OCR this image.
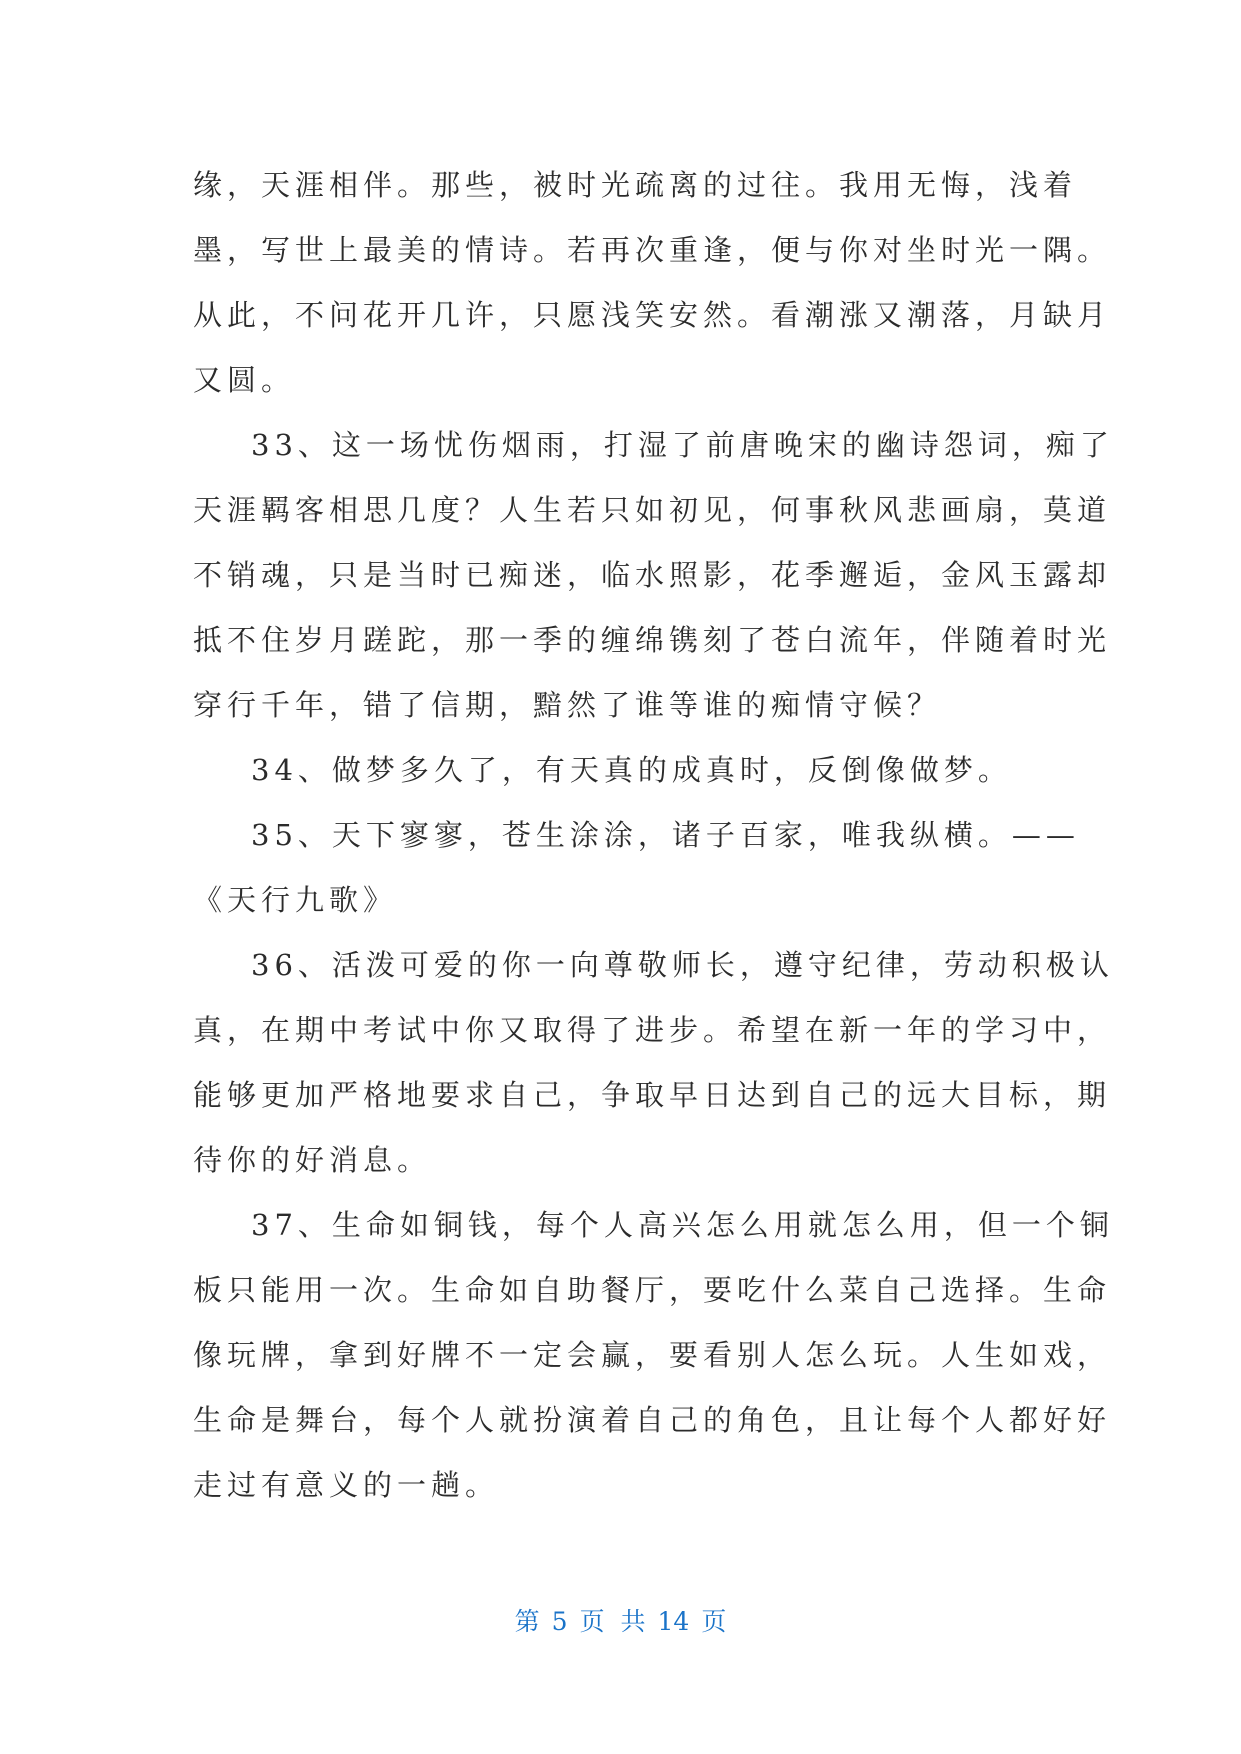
缘，天涯相伴。那些，被时光疏离的过往。我用无悔，浅着
墨，写世上最美的情诗。若再次重逢，便与你对坐时光一隅。
从此，不问花开几许，只愿浅笑安然。看潮涨又潮落，月缺月
又圆。
33、这一场忧伤烟雨，打湿了前唐晚宋的幽诗怨词，痴了
天涯羁客相思几度？人生若只如初见，何事秋风悲画扇，莫道
不销魂，只是当时已痴迷，临水照影，花季邂逅，金风玉露却
抵不住岁月蹉跎，那一季的缠绵镌刻了苍白流年，伴随着时光
穿行千年，错了信期，黯然了谁等谁的痴情守候？
34、做梦多久了，有天真的成真时，反倒像做梦。
35、天下寥寥，苍生涂涂，诸子百家，唯我纵横。——
《天行九歌》
36、活泼可爱的你一向尊敬师长，遵守纪律，劳动积极认
真，在期中考试中你又取得了进步。希望在新一年的学习中，
能够更加严格地要求自己，争取早日达到自己的远大目标，期
待你的好消息。
37、生命如铜钱，每个人高兴怎么用就怎么用，但一个铜
板只能用一次。生命如自助餐厅，要吃什么菜自己选择。生命
像玩牌，拿到好牌不一定会赢，要看别人怎么玩。人生如戏，
生命是舞台，每个人就扮演着自己的角色，且让每个人都好好
走过有意义的一趟。
第 5 页 共 14 页
